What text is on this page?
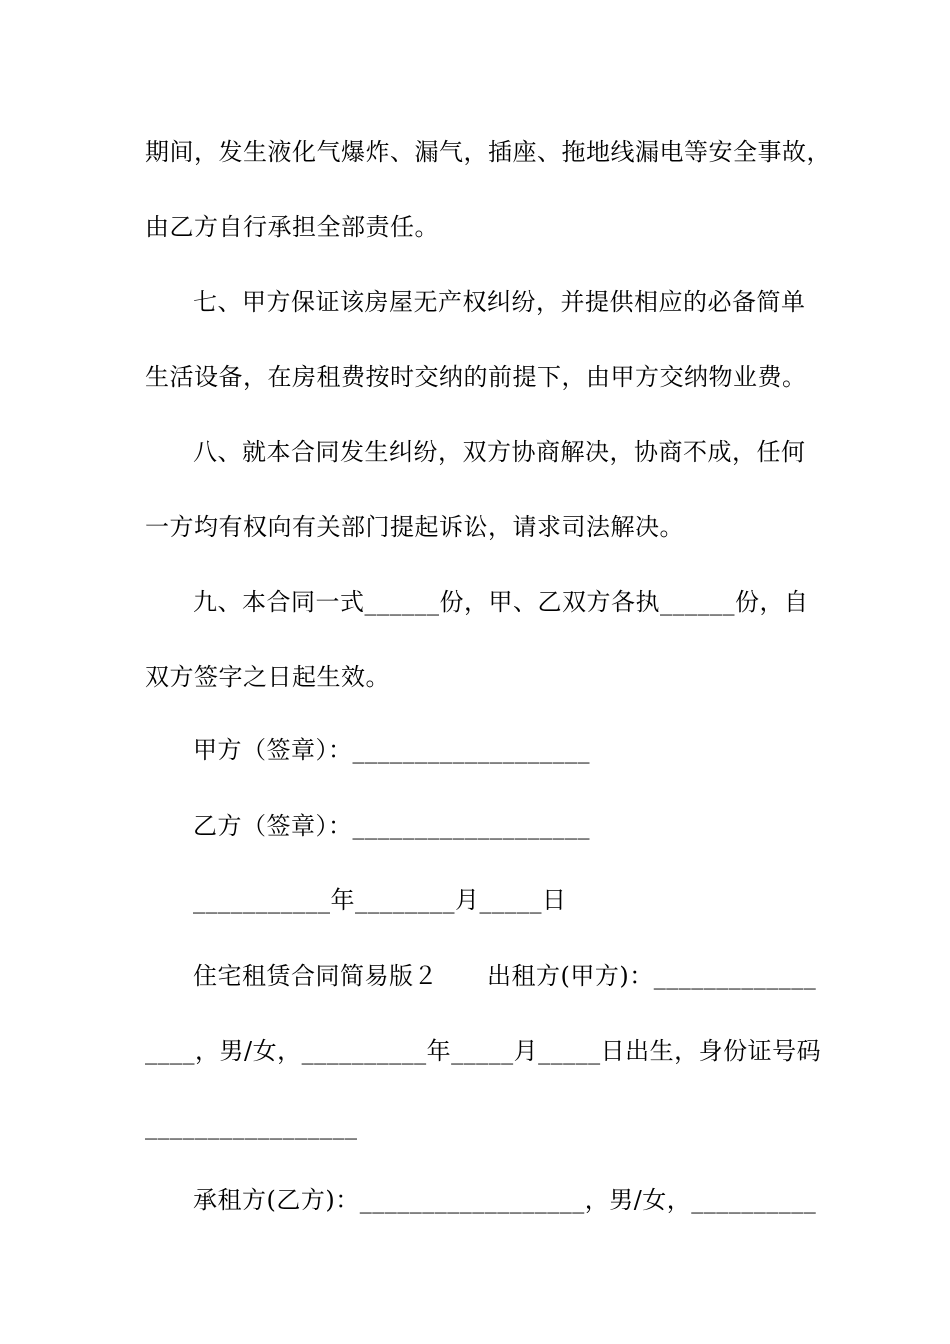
期间，发生液化气爆炸、漏气，插座、拖地线漏电等安全事故，
由乙方自行承担全部责任。
七、甲方保证该房屋无产权纠纷，并提供相应的必备简单
生活设备，在房租费按时交纳的前提下，由甲方交纳物业费。
八、就本合同发生纠纷，双方协商解决，协商不成，任何
一方均有权向有关部门提起诉讼，请求司法解决。
九、本合同一式______份，甲、乙双方各执______份，自
双方签字之日起生效。
甲方（签章）：___________________
乙方（签章）：___________________
___________年________月_____日
住宅租赁合同简易版２　　出租方(甲方)：_____________
____，男/女，__________年_____月_____日出生，身份证号码
_________________
承租方(乙方)：__________________，男/女，__________
